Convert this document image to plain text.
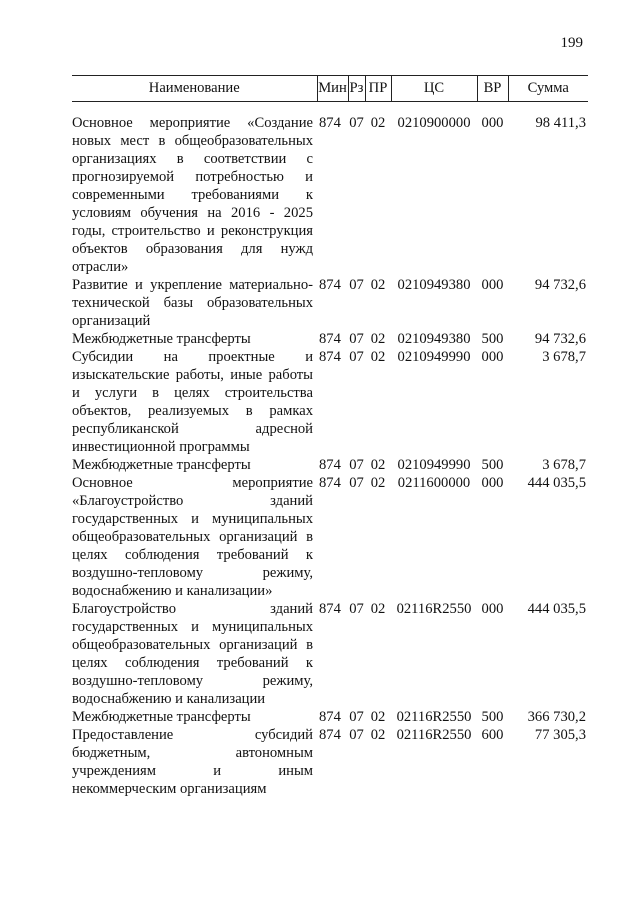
199
Наименование	Мин	Рз	ПР	ЦС	ВР	Сумма

Основное мероприятие «Создание новых мест в общеобразовательных организациях в соответствии с прогнозируемой потребностью и современными требованиями к условиям обучения на 2016 - 2025 годы, строительство и реконструкция объектов образования для нужд отрасли»	874	07	02	0210900000	000	98 411,3
Развитие и укрепление материально-технической базы образовательных организаций	874	07	02	0210949380	000	94 732,6
Межбюджетные трансферты	874	07	02	0210949380	500	94 732,6
Субсидии на проектные и изыскательские работы, иные работы и услуги в целях строительства объектов, реализуемых в рамках республиканской адресной инвестиционной программы	874	07	02	0210949990	000	3 678,7
Межбюджетные трансферты	874	07	02	0210949990	500	3 678,7
Основное мероприятие «Благоустройство зданий государственных и муниципальных общеобразовательных организаций в целях соблюдения требований к воздушно-тепловому режиму, водоснабжению и канализации»	874	07	02	0211600000	000	444 035,5
Благоустройство зданий государственных и муниципальных общеобразовательных организаций в целях соблюдения требований к воздушно-тепловому режиму, водоснабжению и канализации	874	07	02	02116R2550	000	444 035,5
Межбюджетные трансферты	874	07	02	02116R2550	500	366 730,2
Предоставление субсидий бюджетным, автономным учреждениям и иным некоммерческим организациям	874	07	02	02116R2550	600	77 305,3
